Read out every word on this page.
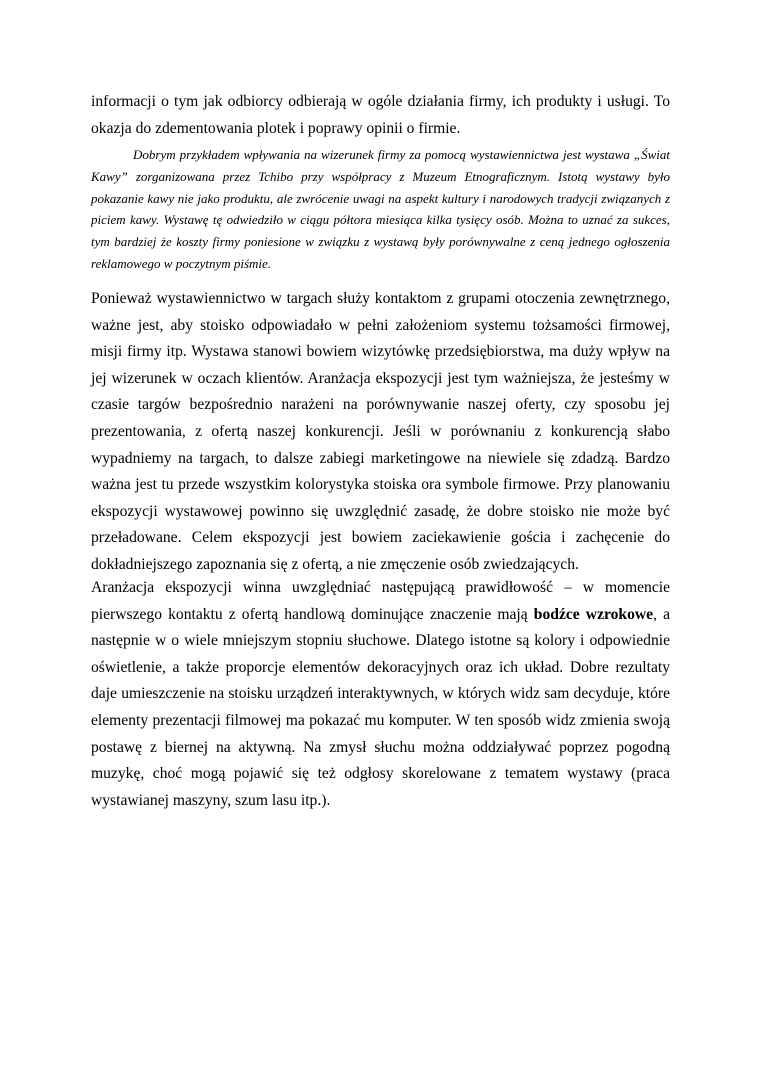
informacji o tym jak odbiorcy odbierają w ogóle działania firmy, ich produkty i usługi. To okazja do zdementowania plotek i poprawy opinii o firmie.

Dobrym przykładem wpływania na wizerunek firmy za pomocą wystawiennictwa jest wystawa „Świat Kawy” zorganizowana przez Tchibo przy współpracy z Muzeum Etnograficznym. Istotą wystawy było pokazanie kawy nie jako produktu, ale zwrócenie uwagi na aspekt kultury i narodowych tradycji związanych z piciem kawy. Wystawę tę odwiedziło w ciągu półtora miesiąca kilka tysięcy osób. Można to uznać za sukces, tym bardziej że koszty firmy poniesione w związku z wystawą były porównywalne z ceną jednego ogłoszenia reklamowego w poczytnym piśmie.

Ponieważ wystawiennictwo w targach służy kontaktom z grupami otoczenia zewnętrznego, ważne jest, aby stoisko odpowiadało w pełni założeniom systemu tożsamości firmowej, misji firmy itp. Wystawa stanowi bowiem wizytówkę przedsiębiorstwa, ma duży wpływ na jej wizerunek w oczach klientów. Aranżacja ekspozycji jest tym ważniejsza, że jesteśmy w czasie targów bezpośrednio narażeni na porównywanie naszej oferty, czy sposobu jej prezentowania, z ofertą naszej konkurencji. Jeśli w porównaniu z konkurencją słabo wypadniemy na targach, to dalsze zabiegi marketingowe na niewiele się zdadzą. Bardzo ważna jest tu przede wszystkim kolorystyka stoiska ora symbole firmowe. Przy planowaniu ekspozycji wystawowej powinno się uwzględnić zasadę, że dobre stoisko nie może być przeładowane. Celem ekspozycji jest bowiem zaciekawienie gościa i zachęcenie do dokładniejszego zapoznania się z ofertą, a nie zmęczenie osób zwiedzających.

Aranżacja ekspozycji winna uwzględniać następującą prawidłowość – w momencie pierwszego kontaktu z ofertą handlową dominujące znaczenie mają bodźce wzrokowe, a następnie w o wiele mniejszym stopniu słuchowe. Dlatego istotne są kolory i odpowiednie oświetlenie, a także proporcje elementów dekoracyjnych oraz ich układ. Dobre rezultaty daje umieszczenie na stoisku urządzeń interaktywnych, w których widz sam decyduje, które elementy prezentacji filmowej ma pokazać mu komputer. W ten sposób widz zmienia swoją postawę z biernej na aktywną. Na zmysł słuchu można oddziaływać poprzez pogodną muzykę, choć mogą pojawić się też odgłosy skorelowane z tematem wystawy (praca wystawianej maszyny, szum lasu itp.).
